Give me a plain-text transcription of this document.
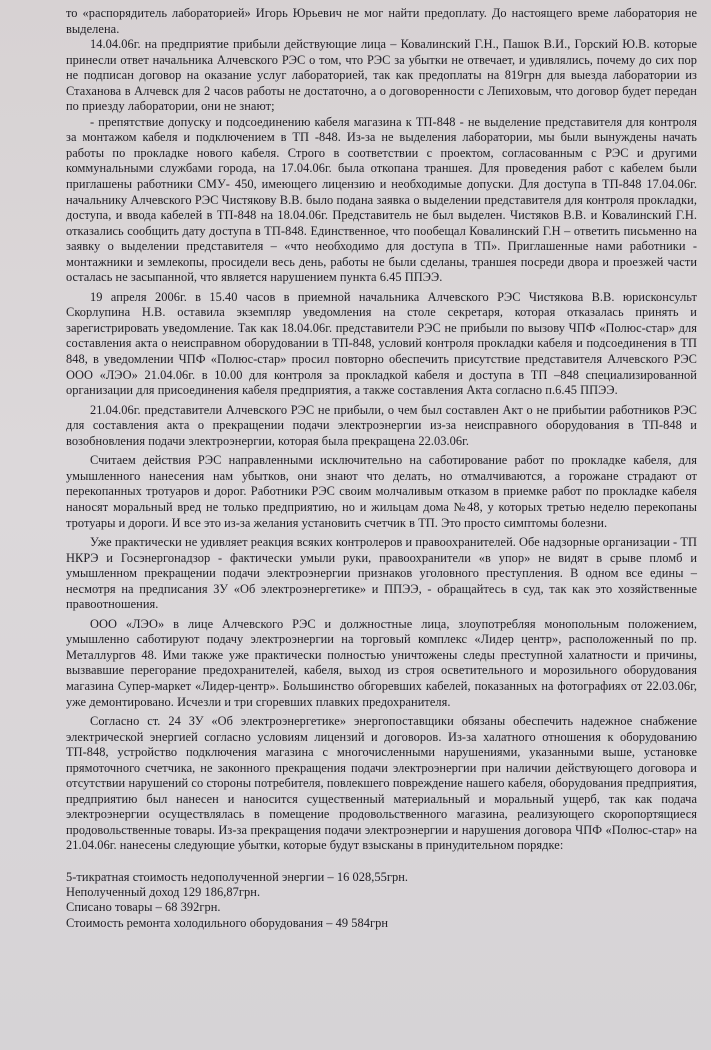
то «распорядитель лабораторией» Игорь Юрьевич не мог найти предоплату. До настоящего време лаборатория не выделена.

14.04.06г. на предприятие прибыли действующие лица – Ковалинский Г.Н., Пашок В.И., Горский Ю.В. которые принесли ответ начальника Алчевского РЭС о том, что РЭС за убытки не отвечает, и удивлялись, почему до сих пор не подписан договор на оказание услуг лабораторией, так как предоплаты на 819грн для выезда лаборатории из Стаханова в Алчевск для 2 часов работы не достаточно, а о договоренности с Лепиховым, что договор будет передан по приезду лаборатории, они не знают;

- препятствие допуску и подсоединению кабеля магазина к ТП-848 - не выделение представителя для контроля за монтажом кабеля и подключением в ТП -848. Из-за не выделения лаборатории, мы были вынуждены начать работы по прокладке нового кабеля. Строго в соответствии с проектом, согласованным с РЭС и другими коммунальными службами города, на 17.04.06г. была откопана траншея. Для проведения работ с кабелем были приглашены работники СМУ- 450, имеющего лицензию и необходимые допуски. Для доступа в ТП-848 17.04.06г. начальнику Алчевского РЭС Чистякову В.В. было подана заявка о выделении представителя для контроля прокладки, доступа, и ввода кабелей в ТП-848 на 18.04.06г. Представитель не был выделен. Чистяков В.В. и Ковалинский Г.Н. отказались сообщить дату доступа в ТП-848. Единственное, что пообещал Ковалинский Г.Н – ответить письменно на заявку о выделении представителя – «что необходимо для доступа в ТП». Приглашенные нами работники - монтажники и землекопы, просидели весь день, работы не были сделаны, траншея посреди двора и проезжей части осталась не засыпанной, что является нарушением пункта 6.45 ППЭЭ.

19 апреля 2006г. в 15.40 часов в приемной начальника Алчевского РЭС Чистякова В.В. юрисконсульт Скорлупина Н.В. оставила экземпляр уведомления на столе секретаря, которая отказалась принять и зарегистрировать уведомление. Так как 18.04.06г. представители РЭС не прибыли по вызову ЧПФ «Полюс-стар» для составления акта о неисправном оборудовании в ТП-848, условий контроля прокладки кабеля и подсоединения в ТП 848, в уведомлении ЧПФ «Полюс-стар» просил повторно обеспечить присутствие представителя Алчевского РЭС ООО «ЛЭО» 21.04.06г. в 10.00 для контроля за прокладкой кабеля и доступа в ТП –848 специализированной организации для присоединения кабеля предприятия, а также составления Акта согласно п.6.45 ППЭЭ.

21.04.06г. представители Алчевского РЭС не прибыли, о чем был составлен Акт о не прибытии работников РЭС для составления акта о прекращении подачи электроэнергии из-за неисправного оборудования в ТП-848 и возобновления подачи электроэнергии, которая была прекращена 22.03.06г.

Считаем действия РЭС направленными исключительно на саботирование работ по прокладке кабеля, для умышленного нанесения нам убытков, они знают что делать, но отмалчиваются, а горожане страдают от перекопанных тротуаров и дорог. Работники РЭС своим молчаливым отказом в приемке работ по прокладке кабеля наносят моральный вред не только предприятию, но и жильцам дома №48, у которых третью неделю перекопаны тротуары и дороги. И все это из-за желания установить счетчик в ТП. Это просто симптомы болезни.

Уже практически не удивляет реакция всяких контролеров и правоохранителей. Обе надзорные организации - ТП НКРЭ и Госэнергонадзор - фактически умыли руки, правоохранители «в упор» не видят в срыве пломб и умышленном прекращении подачи электроэнергии признаков уголовного преступления. В одном все едины – несмотря на предписания ЗУ «Об электроэнергетике» и ППЭЭ, - обращайтесь в суд, так как это хозяйственные правоотношения.

ООО «ЛЭО» в лице Алчевского РЭС и должностные лица, злоупотребляя монопольным положением, умышленно саботируют подачу электроэнергии на торговый комплекс «Лидер центр», расположенный по пр. Металлургов 48. Ими также уже практически полностью уничтожены следы преступной халатности и причины, вызвавшие перегорание предохранителей, кабеля, выход из строя осветительного и морозильного оборудования магазина Супер-маркет «Лидер-центр». Большинство обгоревших кабелей, показанных на фотографиях от 22.03.06г, уже демонтировано. Исчезли и три сгоревших плавких предохранителя.

Согласно ст. 24 ЗУ «Об электроэнергетике» энергопоставщики обязаны обеспечить надежное снабжение электрической энергией согласно условиям лицензий и договоров. Из-за халатного отношения к оборудованию ТП-848, устройство подключения магазина с многочисленными нарушениями, указанными выше, установке прямоточного счетчика, не законного прекращения подачи электроэнергии при наличии действующего договора и отсутствии нарушений со стороны потребителя, повлекшего повреждение нашего кабеля, оборудования предприятия, предприятию был нанесен и наносится существенный материальный и моральный ущерб, так как подача электроэнергии осуществлялась в помещение продовольственного магазина, реализующего скоропортящиеся продовольственные товары. Из-за прекращения подачи электроэнергии и нарушения договора ЧПФ «Полюс-стар» на 21.04.06г. нанесены следующие убытки, которые будут взысканы в принудительном порядке:

5-тикратная стоимость недополученной энергии – 16 028,55грн.
Неполученный доход 129 186,87грн.
Списано товары – 68 392грн.
Стоимость ремонта холодильного оборудования – 49 584грн
